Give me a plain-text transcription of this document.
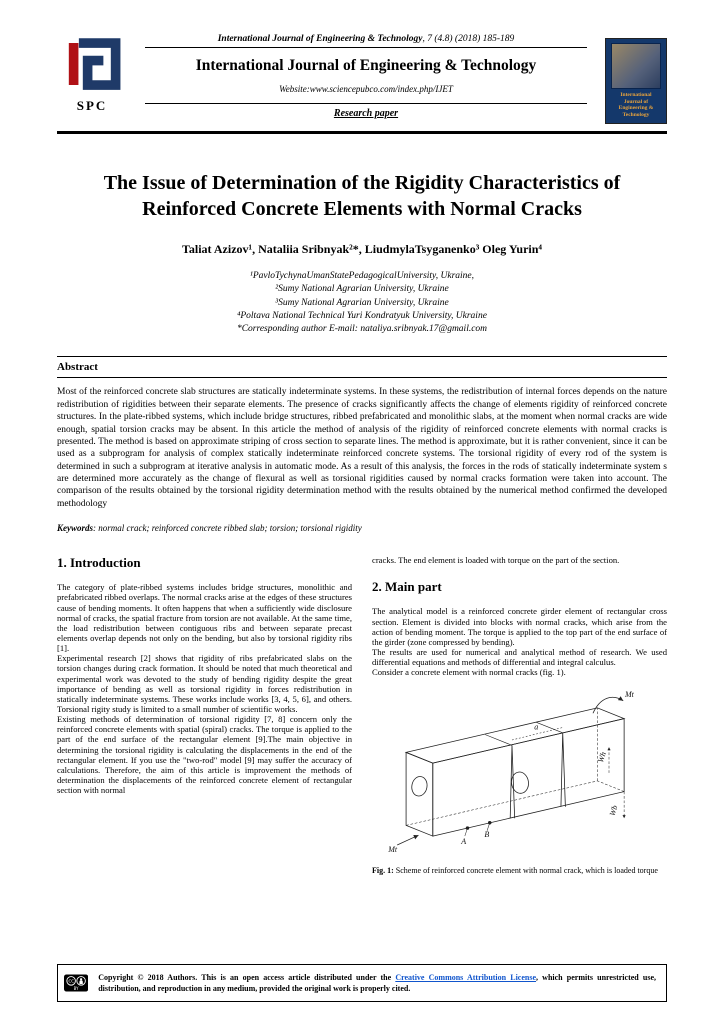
SPC
International Journal of Engineering & Technology
International Journal of Engineering & Technology, 7 (4.8) (2018) 185-189
International Journal of Engineering & Technology
Website:www.sciencepubco.com/index.php/IJET
Research paper
The Issue of Determination of the Rigidity Characteristics of Reinforced Concrete Elements with Normal Cracks
Taliat Azizov¹, Nataliia Sribnyak²*, LiudmylaTsyganenko³ Oleg Yurin⁴
¹PavloTychynaUmanStatePedagogicalUniversity, Ukraine,
²Sumy National Agrarian University, Ukraine
³Sumy National Agrarian University, Ukraine
⁴Poltava National Technical Yuri Kondratyuk University, Ukraine
*Corresponding author E-mail: nataliya.sribnyak.17@gmail.com
Abstract

Most of the reinforced concrete slab structures are statically indeterminate systems. In these systems, the redistribution of internal forces depends on the nature redistribution of rigidities between their separate elements. The presence of cracks significantly affects the change of elements rigidity of reinforced concrete structures. In the plate-ribbed systems, which include bridge structures, ribbed prefabricated and monolithic slabs, at the moment when normal cracks are wide enough, spatial torsion cracks may be absent. In this article the method of analysis of the rigidity of reinforced concrete elements with normal cracks is presented. The method is based on approximate striping of cross section to separate lines. The method is approximate, but it is rather convenient, since it can be used as a subprogram for analysis of complex statically indeterminate reinforced concrete systems. The torsional rigidity of every rod of the system is determined in such a subprogram at iterative analysis in automatic mode. As a result of this analysis, the forces in the rods of statically indeterminate system s are determined more accurately as the change of flexural as well as torsional rigidities caused by normal cracks formation were taken into account. The comparison of the results obtained by the torsional rigidity determination method with the results obtained by the numerical method confirmed the developed methodology

Keywords: normal crack; reinforced concrete ribbed slab; torsion; torsional rigidity
1. Introduction

The category of plate-ribbed systems includes bridge structures, monolithic and prefabricated ribbed overlaps. The normal cracks arise at the edges of these structures cause of bending moments. It often happens that when a sufficiently wide disclosure normal of cracks, the spatial fracture from torsion are not available. At the same time, the load redistribution between contiguous ribs and between separate precast elements overlap depends not only on the bending, but also by torsional rigidity ribs [1].

Experimental research [2] shows that rigidity of ribs prefabricated slabs on the torsion changes during crack formation. It should be noted that much theoretical and experimental work was devoted to the study of bending rigidity despite the great importance of bending as well as torsional rigidity in forces redistribution in statically indeterminate systems. These works include works [3, 4, 5, 6], and others. Torsional rigity study is limited to a small number of scientific works.

Existing methods of determination of torsional rigidity [7, 8] concern only the reinforced concrete elements with spatial (spiral) cracks. The torque is applied to the part of the end surface of the rectangular element [9].The main objective in determining the torsional rigidity is calculating the displacements in the end of the rectangular element. If you use the "two-rod" model [9] may suffer the accuracy of calculations. Therefore, the aim of this article is improvement the methods of determination the displacements of the reinforced concrete element of rectangular section with normal

cracks. The end element is loaded with torque on the part of the section.

2. Main part

The analytical model is a reinforced concrete girder element of rectangular cross section. Element is divided into blocks with normal cracks, which arise from the action of bending moment. The torque is applied to the top part of the end surface of the girder (zone compressed by bending).

The results are used for numerical and analytical method of research. We used differential equations and methods of differential and integral calculus.

Consider a concrete element with normal cracks (fig. 1).

Mt
Mt
A
B
Wb
Wh
a
Fig. 1: Scheme of reinforced concrete element with normal crack, which is loaded torque
cc
BY
Copyright © 2018 Authors. This is an open access article distributed under the Creative Commons Attribution License, which permits unrestricted use, distribution, and reproduction in any medium, provided the original work is properly cited.
